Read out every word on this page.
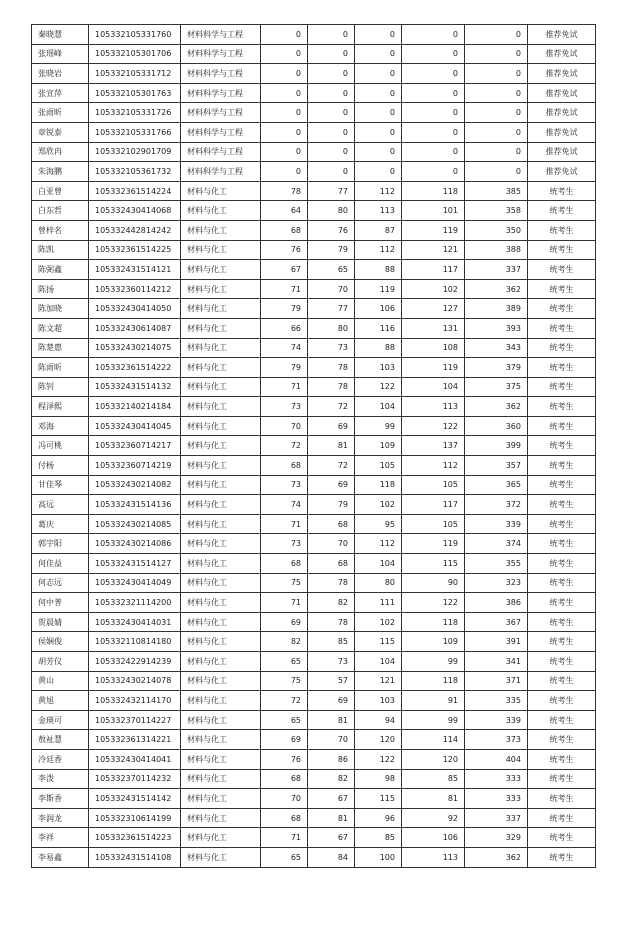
秦晓慧	105332105331760	材料科学与工程	0	0	0	0	0	推荐免试
张瑶峰	105332105301706	材料科学与工程	0	0	0	0	0	推荐免试
张晓岩	105332105331712	材料科学与工程	0	0	0	0	0	推荐免试
张宣萍	105332105301763	材料科学与工程	0	0	0	0	0	推荐免试
张雨昕	105332105331726	材料科学与工程	0	0	0	0	0	推荐免试
章锐泰	105332105331766	材料科学与工程	0	0	0	0	0	推荐免试
郑欣冉	105332102901709	材料科学与工程	0	0	0	0	0	推荐免试
朱海鹏	105332105361732	材料科学与工程	0	0	0	0	0	推荐免试
白亚曾	105332361514224	材料与化工	78	77	112	118	385	统考生
白东哲	105332430414068	材料与化工	64	80	113	101	358	统考生
曾梓名	105332442814242	材料与化工	68	76	87	119	350	统考生
陈凯	105332361514225	材料与化工	76	79	112	121	388	统考生
陈弼鑫	105332431514121	材料与化工	67	65	88	117	337	统考生
陈扬	105332360114212	材料与化工	71	70	119	102	362	统考生
陈加晓	105332430414050	材料与化工	79	77	106	127	389	统考生
陈文超	105332430614087	材料与化工	66	80	116	131	393	统考生
陈楚惠	105332430214075	材料与化工	74	73	88	108	343	统考生
陈雨昕	105332361514222	材料与化工	79	78	103	119	379	统考生
陈钊	105332431514132	材料与化工	71	78	122	104	375	统考生
程泽熙	105332140214184	材料与化工	73	72	104	113	362	统考生
邓海	105332430414045	材料与化工	70	69	99	122	360	统考生
冯可桃	105332360714217	材料与化工	72	81	109	137	399	统考生
付杨	105332360714219	材料与化工	68	72	105	112	357	统考生
甘佳琴	105332430214082	材料与化工	73	69	118	105	365	统考生
高远	105332431514136	材料与化工	74	79	102	117	372	统考生
葛庆	105332430214085	材料与化工	71	68	95	105	339	统考生
郭宇阳	105332430214086	材料与化工	73	70	112	119	374	统考生
何佳益	105332431514127	材料与化工	68	68	104	115	355	统考生
何志远	105332430414049	材料与化工	75	78	80	90	323	统考生
何中普	105332321114200	材料与化工	71	82	111	122	386	统考生
贺晨婧	105332430414031	材料与化工	69	78	102	118	367	统考生
侯娴俊	105332110814180	材料与化工	82	85	115	109	391	统考生
胡芳仪	105332422914239	材料与化工	65	73	104	99	341	统考生
黄山	105332430214078	材料与化工	75	57	121	118	371	统考生
黄旭	105332432114170	材料与化工	72	69	103	91	335	统考生
金瑛可	105332370114227	材料与化工	65	81	94	99	339	统考生
敖祉慧	105332361314221	材料与化工	69	70	120	114	373	统考生
冷廷香	105332430414041	材料与化工	76	86	122	120	404	统考生
李泼	105332370114232	材料与化工	68	82	98	85	333	统考生
李斯香	105332431514142	材料与化工	70	67	115	81	333	统考生
李润龙	105332310614199	材料与化工	68	81	96	92	337	统考生
李祥	105332361514223	材料与化工	71	67	85	106	329	统考生
李易鑫	105332431514108	材料与化工	65	84	100	113	362	统考生
